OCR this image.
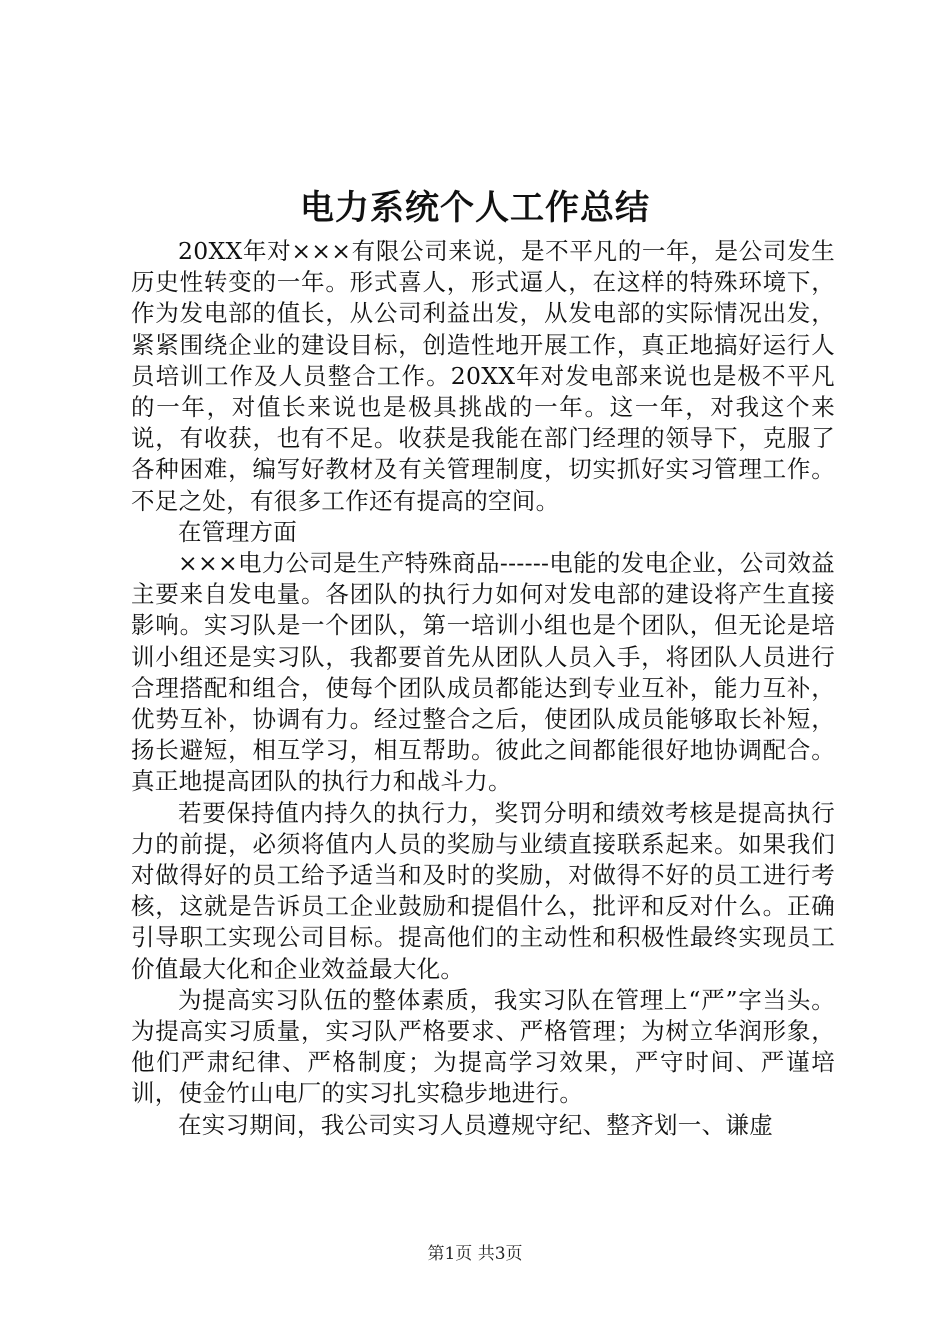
电力系统个人工作总结

20XX年对×××有限公司来说，是不平凡的一年，是公司发生历史性转变的一年。形式喜人，形式逼人，在这样的特殊环境下，作为发电部的值长，从公司利益出发，从发电部的实际情况出发，紧紧围绕企业的建设目标，创造性地开展工作，真正地搞好运行人员培训工作及人员整合工作。20XX年对发电部来说也是极不平凡的一年，对值长来说也是极具挑战的一年。这一年，对我这个来说，有收获，也有不足。收获是我能在部门经理的领导下，克服了各种困难，编写好教材及有关管理制度，切实抓好实习管理工作。不足之处，有很多工作还有提高的空间。

在管理方面

×××电力公司是生产特殊商品------电能的发电企业，公司效益主要来自发电量。各团队的执行力如何对发电部的建设将产生直接影响。实习队是一个团队，第一培训小组也是个团队，但无论是培训小组还是实习队，我都要首先从团队人员入手，将团队人员进行合理搭配和组合，使每个团队成员都能达到专业互补，能力互补，优势互补，协调有力。经过整合之后，使团队成员能够取长补短，扬长避短，相互学习，相互帮助。彼此之间都能很好地协调配合。真正地提高团队的执行力和战斗力。

若要保持值内持久的执行力，奖罚分明和绩效考核是提高执行力的前提，必须将值内人员的奖励与业绩直接联系起来。如果我们对做得好的员工给予适当和及时的奖励，对做得不好的员工进行考核，这就是告诉员工企业鼓励和提倡什么，批评和反对什么。正确引导职工实现公司目标。提高他们的主动性和积极性最终实现员工价值最大化和企业效益最大化。

为提高实习队伍的整体素质，我实习队在管理上“严”字当头。为提高实习质量，实习队严格要求、严格管理；为树立华润形象，他们严肃纪律、严格制度；为提高学习效果，严守时间、严谨培训，使金竹山电厂的实习扎实稳步地进行。

在实习期间，我公司实习人员遵规守纪、整齐划一、谦虚

第1页 共3页
